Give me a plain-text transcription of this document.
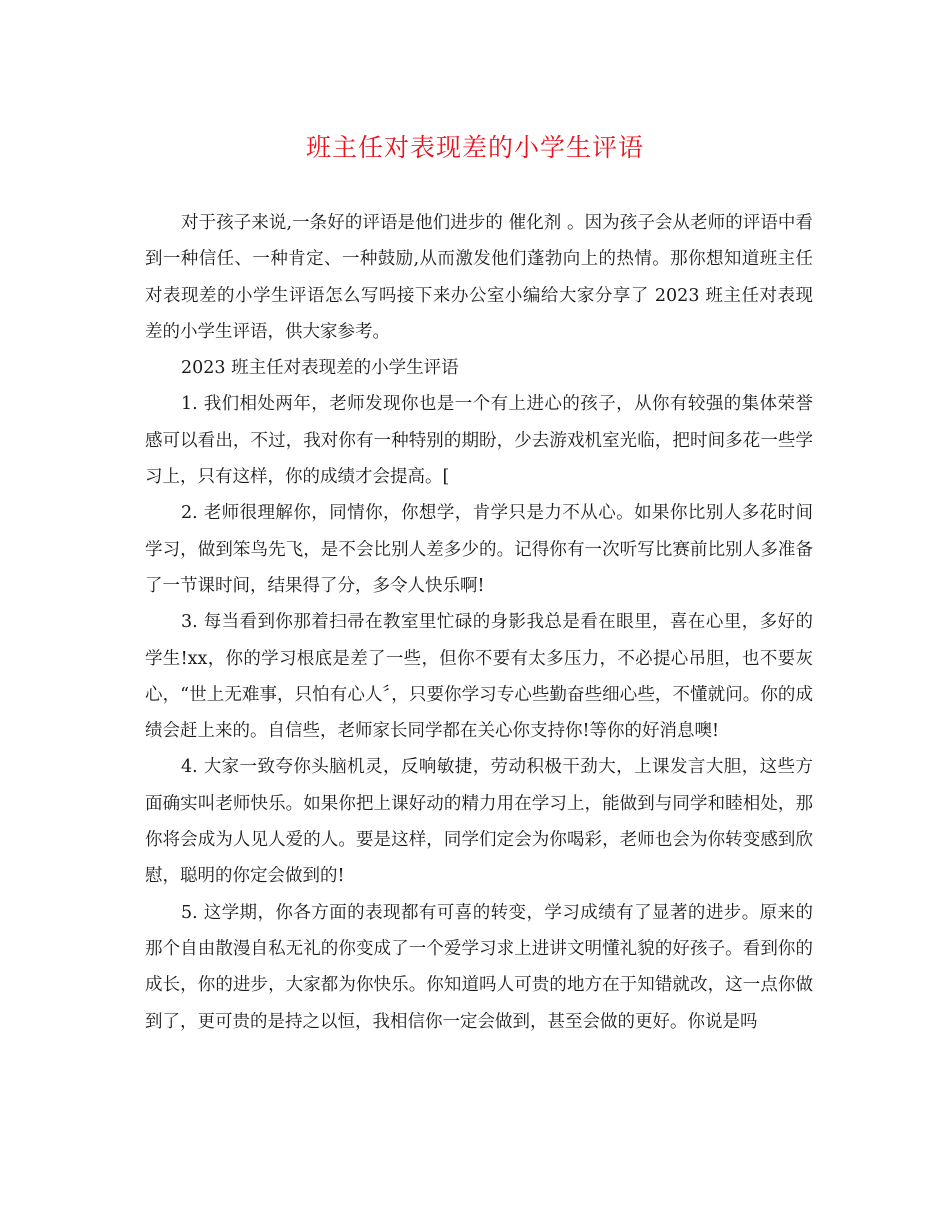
班主任对表现差的小学生评语

对于孩子来说,一条好的评语是他们进步的 催化剂 。因为孩子会从老师的评语中看到一种信任、一种肯定、一种鼓励,从而激发他们蓬勃向上的热情。那你想知道班主任对表现差的小学生评语怎么写吗接下来办公室小编给大家分享了 2023 班主任对表现差的小学生评语，供大家参考。

2023 班主任对表现差的小学生评语

1. 我们相处两年，老师发现你也是一个有上进心的孩子，从你有较强的集体荣誉感可以看出，不过，我对你有一种特别的期盼，少去游戏机室光临，把时间多花一些学习上，只有这样，你的成绩才会提高。[

2. 老师很理解你，同情你，你想学，肯学只是力不从心。如果你比别人多花时间学习，做到笨鸟先飞，是不会比别人差多少的。记得你有一次听写比赛前比别人多准备了一节课时间，结果得了分，多令人快乐啊!

3. 每当看到你那着扫帚在教室里忙碌的身影我总是看在眼里，喜在心里，多好的学生!xx，你的学习根底是差了一些，但你不要有太多压力，不必提心吊胆，也不要灰心，“世上无难事，只怕有心人〞，只要你学习专心些勤奋些细心些，不懂就问。你的成绩会赶上来的。自信些，老师家长同学都在关心你支持你!等你的好消息噢!

4. 大家一致夸你头脑机灵，反响敏捷，劳动积极干劲大，上课发言大胆，这些方面确实叫老师快乐。如果你把上课好动的精力用在学习上，能做到与同学和睦相处，那你将会成为人见人爱的人。要是这样，同学们定会为你喝彩，老师也会为你转变感到欣慰，聪明的你定会做到的!

5. 这学期，你各方面的表现都有可喜的转变，学习成绩有了显著的进步。原来的那个自由散漫自私无礼的你变成了一个爱学习求上进讲文明懂礼貌的好孩子。看到你的成长，你的进步，大家都为你快乐。你知道吗人可贵的地方在于知错就改，这一点你做到了，更可贵的是持之以恒，我相信你一定会做到，甚至会做的更好。你说是吗
